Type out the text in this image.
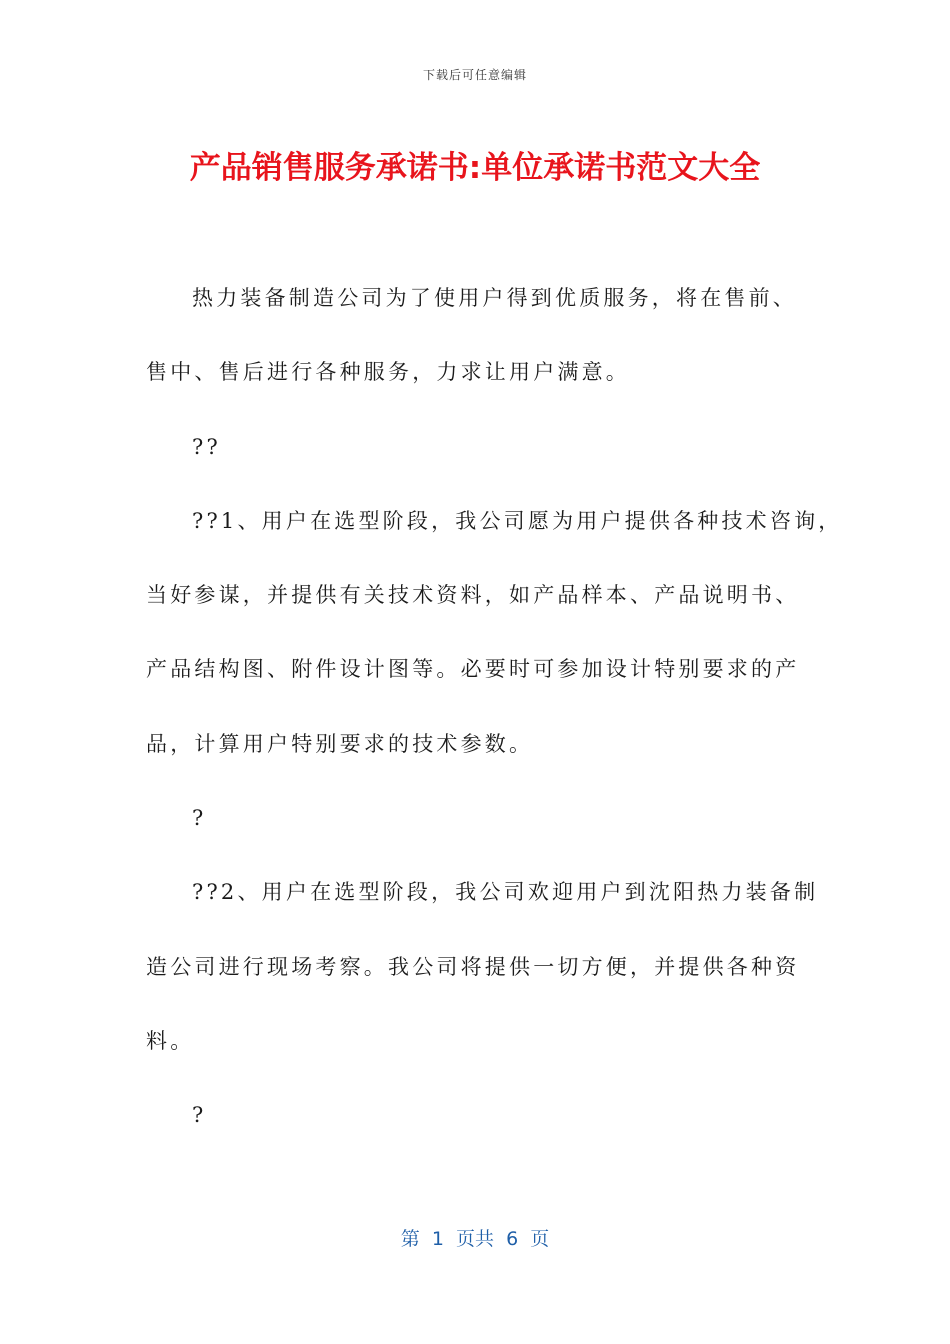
下载后可任意编辑
产品销售服务承诺书:单位承诺书范文大全
热力装备制造公司为了使用户得到优质服务，将在售前、
售中、售后进行各种服务，力求让用户满意。
??
??1、用户在选型阶段，我公司愿为用户提供各种技术咨询，
当好参谋，并提供有关技术资料，如产品样本、产品说明书、
产品结构图、附件设计图等。必要时可参加设计特别要求的产
品，计算用户特别要求的技术参数。
?
??2、用户在选型阶段，我公司欢迎用户到沈阳热力装备制
造公司进行现场考察。我公司将提供一切方便，并提供各种资
料。
?
第  1  页共  6  页
